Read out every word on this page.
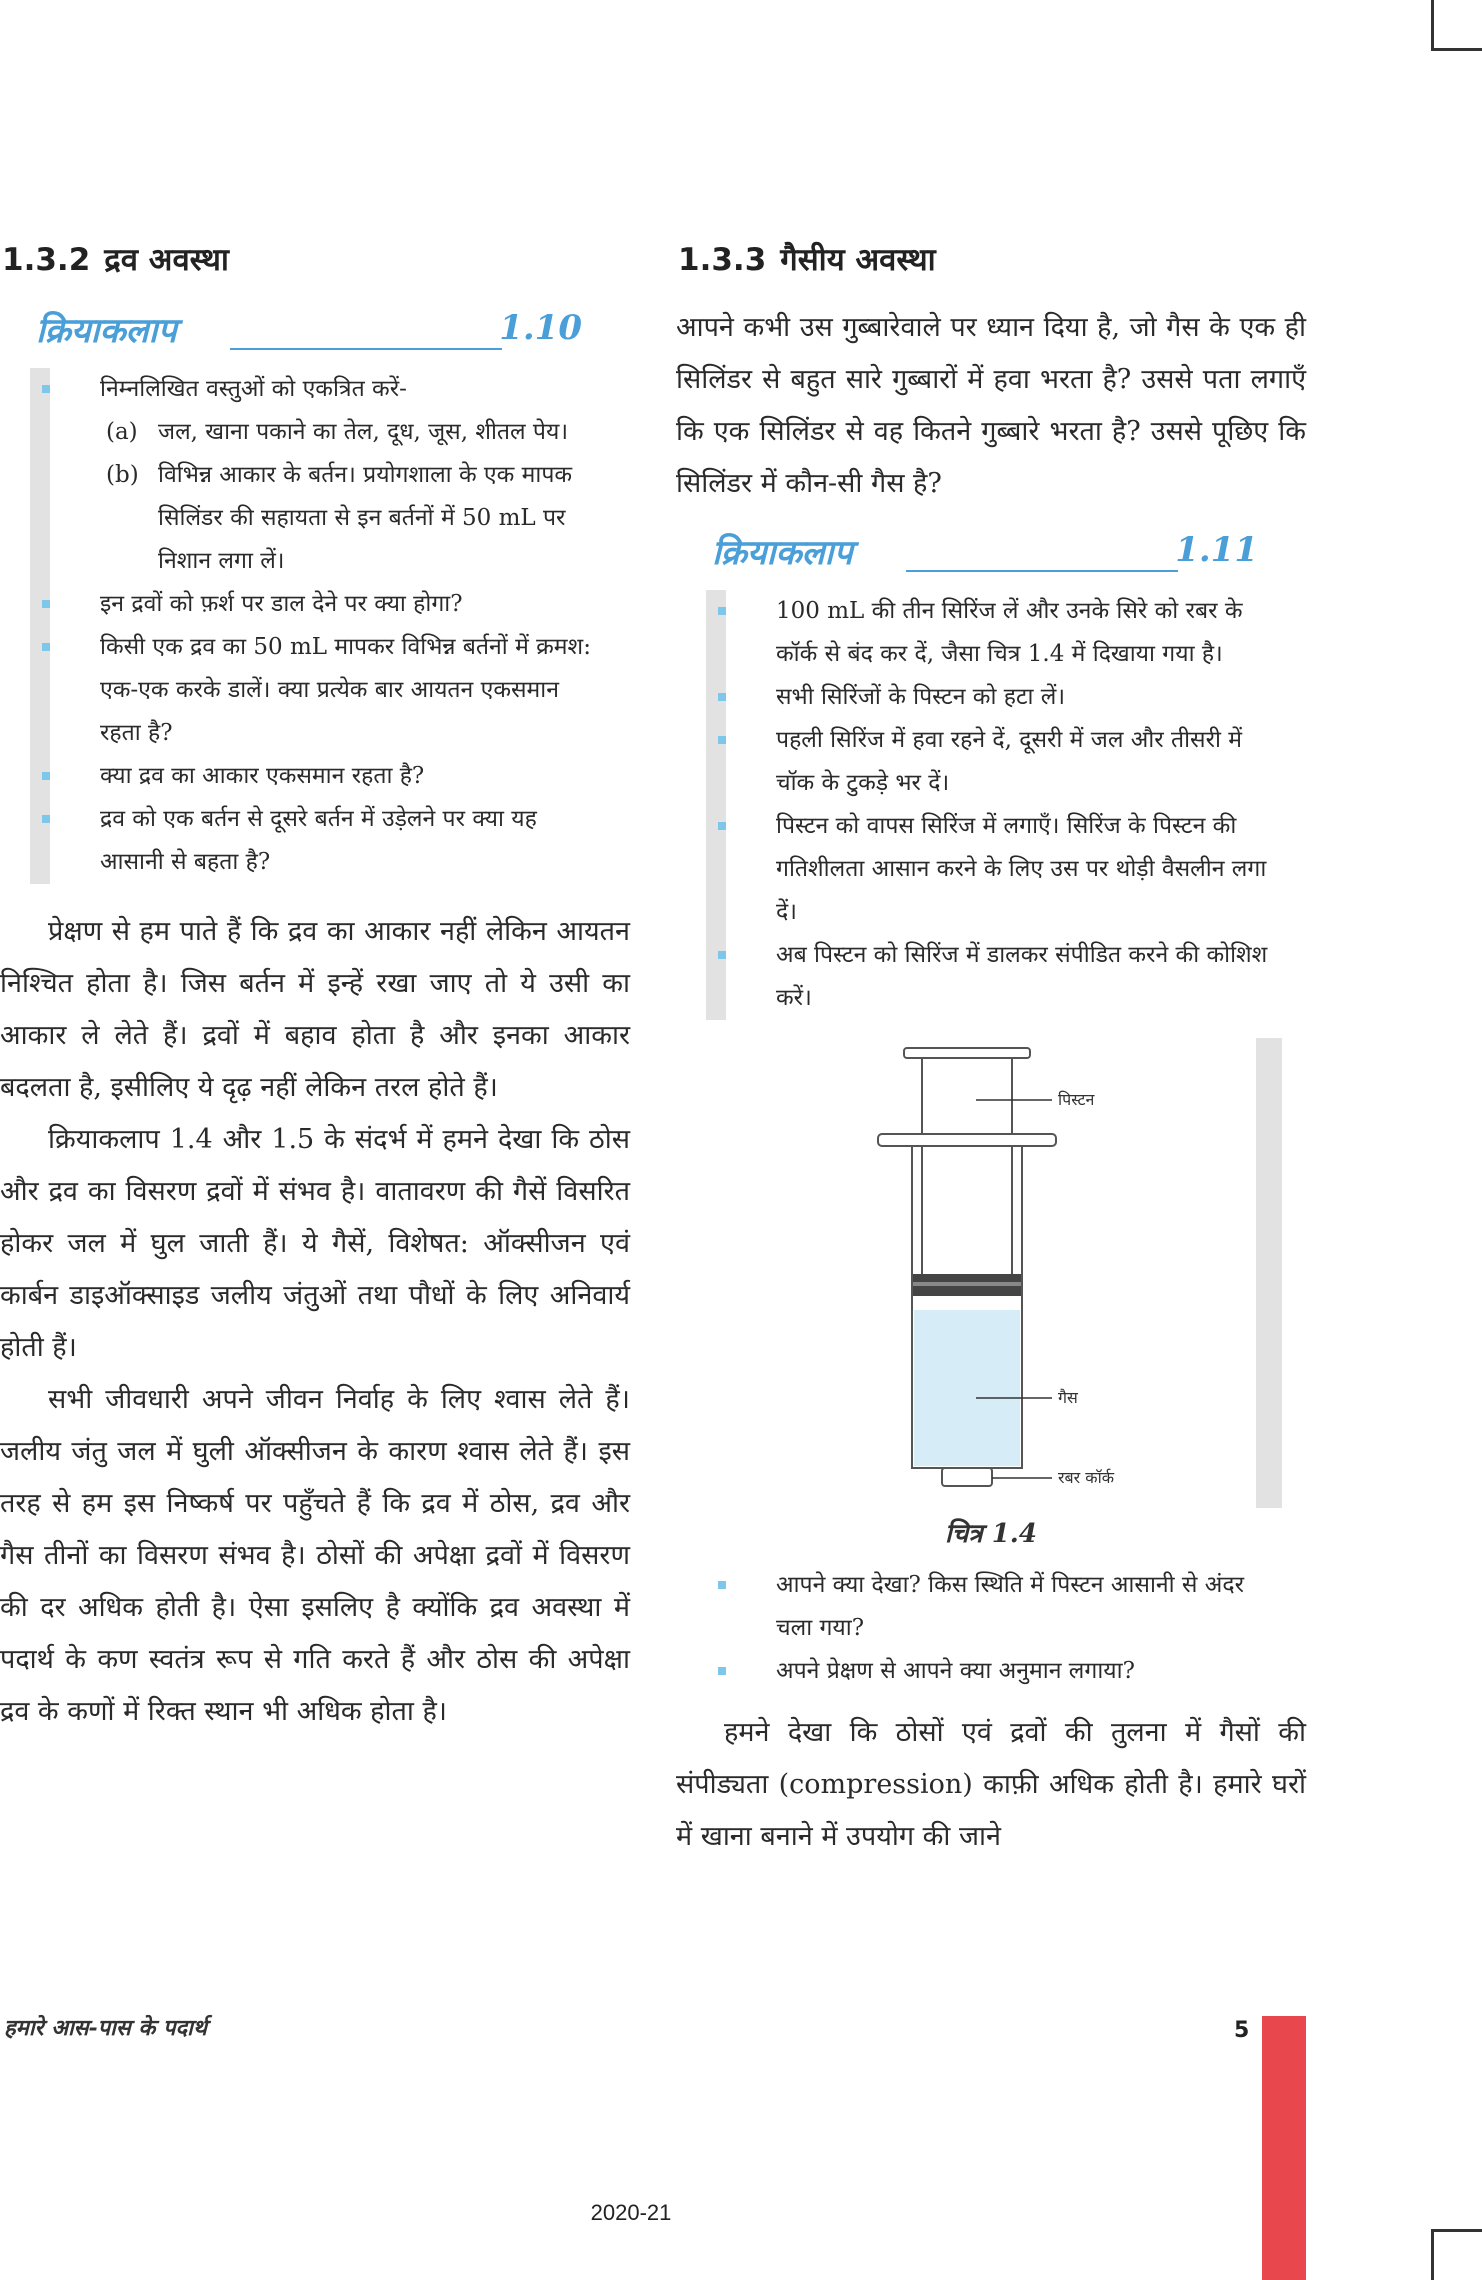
1.3.2 द्रव अवस्था
क्रियाकलाप	1.10
निम्नलिखित वस्तुओं को एकत्रित करें-
(a) जल, खाना पकाने का तेल, दूध, जूस, शीतल पेय।
(b) विभिन्न आकार के बर्तन। प्रयोगशाला के एक मापक सिलिंडर की सहायता से इन बर्तनों में 50 mL पर निशान लगा लें।
इन द्रवों को फ़र्श पर डाल देने पर क्या होगा?
किसी एक द्रव का 50 mL मापकर विभिन्न बर्तनों में क्रमश: एक-एक करके डालें। क्या प्रत्येक बार आयतन एकसमान रहता है?
क्या द्रव का आकार एकसमान रहता है?
द्रव को एक बर्तन से दूसरे बर्तन में उड़ेलने पर क्या यह आसानी से बहता है?

प्रेक्षण से हम पाते हैं कि द्रव का आकार नहीं लेकिन आयतन निश्चित होता है। जिस बर्तन में इन्हें रखा जाए तो ये उसी का आकार ले लेते हैं। द्रवों में बहाव होता है और इनका आकार बदलता है, इसीलिए ये दृढ़ नहीं लेकिन तरल होते हैं।

क्रियाकलाप 1.4 और 1.5 के संदर्भ में हमने देखा कि ठोस और द्रव का विसरण द्रवों में संभव है। वातावरण की गैसें विसरित होकर जल में घुल जाती हैं। ये गैसें, विशेषत: ऑक्सीजन एवं कार्बन डाइऑक्साइड जलीय जंतुओं तथा पौधों के लिए अनिवार्य होती हैं।

सभी जीवधारी अपने जीवन निर्वाह के लिए श्वास लेते हैं। जलीय जंतु जल में घुली ऑक्सीजन के कारण श्वास लेते हैं। इस तरह से हम इस निष्कर्ष पर पहुँचते हैं कि द्रव में ठोस, द्रव और गैस तीनों का विसरण संभव है। ठोसों की अपेक्षा द्रवों में विसरण की दर अधिक होती है। ऐसा इसलिए है क्योंकि द्रव अवस्था में पदार्थ के कण स्वतंत्र रूप से गति करते हैं और ठोस की अपेक्षा द्रव के कणों में रिक्त स्थान भी अधिक होता है।

1.3.3 गैसीय अवस्था

आपने कभी उस गुब्बारेवाले पर ध्यान दिया है, जो गैस के एक ही सिलिंडर से बहुत सारे गुब्बारों में हवा भरता है? उससे पता लगाएँ कि एक सिलिंडर से वह कितने गुब्बारे भरता है? उससे पूछिए कि सिलिंडर में कौन-सी गैस है?

क्रियाकलाप	1.11
100 mL की तीन सिरिंज लें और उनके सिरे को रबर के कॉर्क से बंद कर दें, जैसा चित्र 1.4 में दिखाया गया है।
सभी सिरिंजों के पिस्टन को हटा लें।
पहली सिरिंज में हवा रहने दें, दूसरी में जल और तीसरी में चॉक के टुकड़े भर दें।
पिस्टन को वापस सिरिंज में लगाएँ। सिरिंज के पिस्टन की गतिशीलता आसान करने के लिए उस पर थोड़ी वैसलीन लगा दें।
अब पिस्टन को सिरिंज में डालकर संपीडित करने की कोशिश करें।
पिस्टन
गैस
रबर कॉर्क
चित्र 1.4
आपने क्या देखा? किस स्थिति में पिस्टन आसानी से अंदर चला गया?
अपने प्रेक्षण से आपने क्या अनुमान लगाया?

हमने देखा कि ठोसों एवं द्रवों की तुलना में गैसों की संपीड्यता (compression) काफ़ी अधिक होती है। हमारे घरों में खाना बनाने में उपयोग की जाने

हमारे आस-पास के पदार्थ	5
2020-21
